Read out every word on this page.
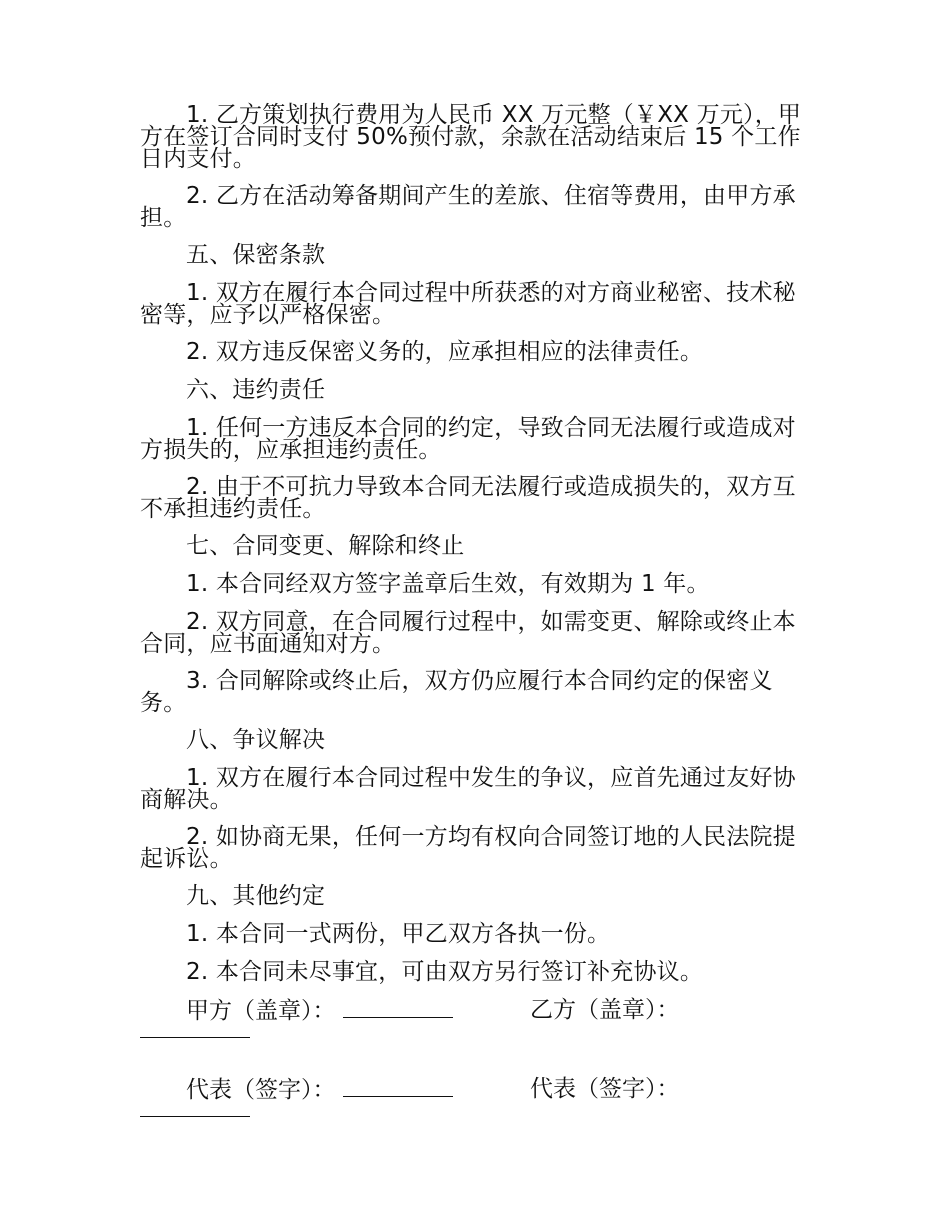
1. 乙方策划执行费用为人民币 XX 万元整（￥XX 万元），甲方在签订合同时支付 50%预付款，余款在活动结束后 15 个工作日内支付。

2. 乙方在活动筹备期间产生的差旅、住宿等费用，由甲方承担。

五、保密条款

1. 双方在履行本合同过程中所获悉的对方商业秘密、技术秘密等，应予以严格保密。

2. 双方违反保密义务的，应承担相应的法律责任。

六、违约责任

1. 任何一方违反本合同的约定，导致合同无法履行或造成对方损失的，应承担违约责任。

2. 由于不可抗力导致本合同无法履行或造成损失的，双方互不承担违约责任。

七、合同变更、解除和终止

1. 本合同经双方签字盖章后生效，有效期为 1 年。

2. 双方同意，在合同履行过程中，如需变更、解除或终止本合同，应书面通知对方。

3. 合同解除或终止后，双方仍应履行本合同约定的保密义务。

八、争议解决

1. 双方在履行本合同过程中发生的争议，应首先通过友好协商解决。

2. 如协商无果，任何一方均有权向合同签订地的人民法院提起诉讼。

九、其他约定

1. 本合同一式两份，甲乙双方各执一份。

2. 本合同未尽事宜，可由双方另行签订补充协议。

甲方（盖章）：	乙方（盖章）：
代表（签字）：	代表（签字）：
